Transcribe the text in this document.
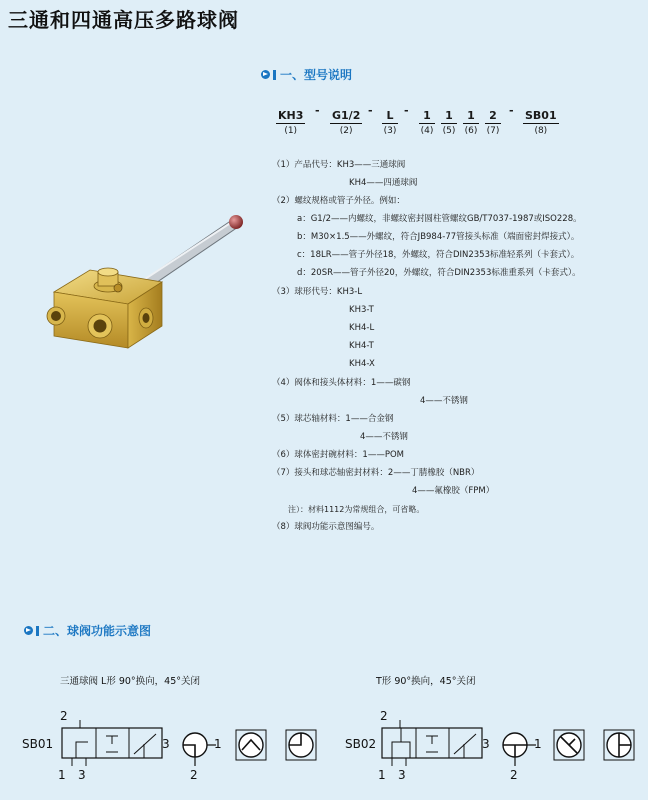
三通和四通高压多路球阀
一、型号说明
KH3
(1)
- G1/2
(2)
-	L
(3)
-	1
(4)
1
(5)
1
(6)
2
(7)
- SB01
(8)
（1）产品代号：KH3——三通球阀
KH4——四通球阀
（2）螺纹规格或管子外径。例如：
a：G1/2——内螺纹，非螺纹密封圆柱管螺纹GB/T7037-1987或ISO228。
b：M30×1.5——外螺纹，符合JB984-77管接头标准（端面密封焊接式）。
c：18LR——管子外径18，外螺纹，符合DIN2353标准轻系列（卡套式）。
d：20SR——管子外径20，外螺纹，符合DIN2353标准重系列（卡套式）。
（3）球形代号：KH3-L
KH3-T
KH4-L
KH4-T
KH4-X
（4）阀体和接头体材料：1——碳钢
4——不锈钢
（5）球芯轴材料：1——合金钢
4——不锈钢
（6）球体密封碗材料：1——POM
（7）接头和球芯轴密封材料：2——丁腈橡胶（NBR）
4——氟橡胶（FPM）
注）：材料1112为常规组合，可省略。
（8）球阀功能示意图编号。
二、球阀功能示意图
三通球阀 L形 90°换向，45°关闭	T形 90°换向，45°关闭
2
SB01
1 3
3	1
2
2
SB02
1 3
3	1
2
